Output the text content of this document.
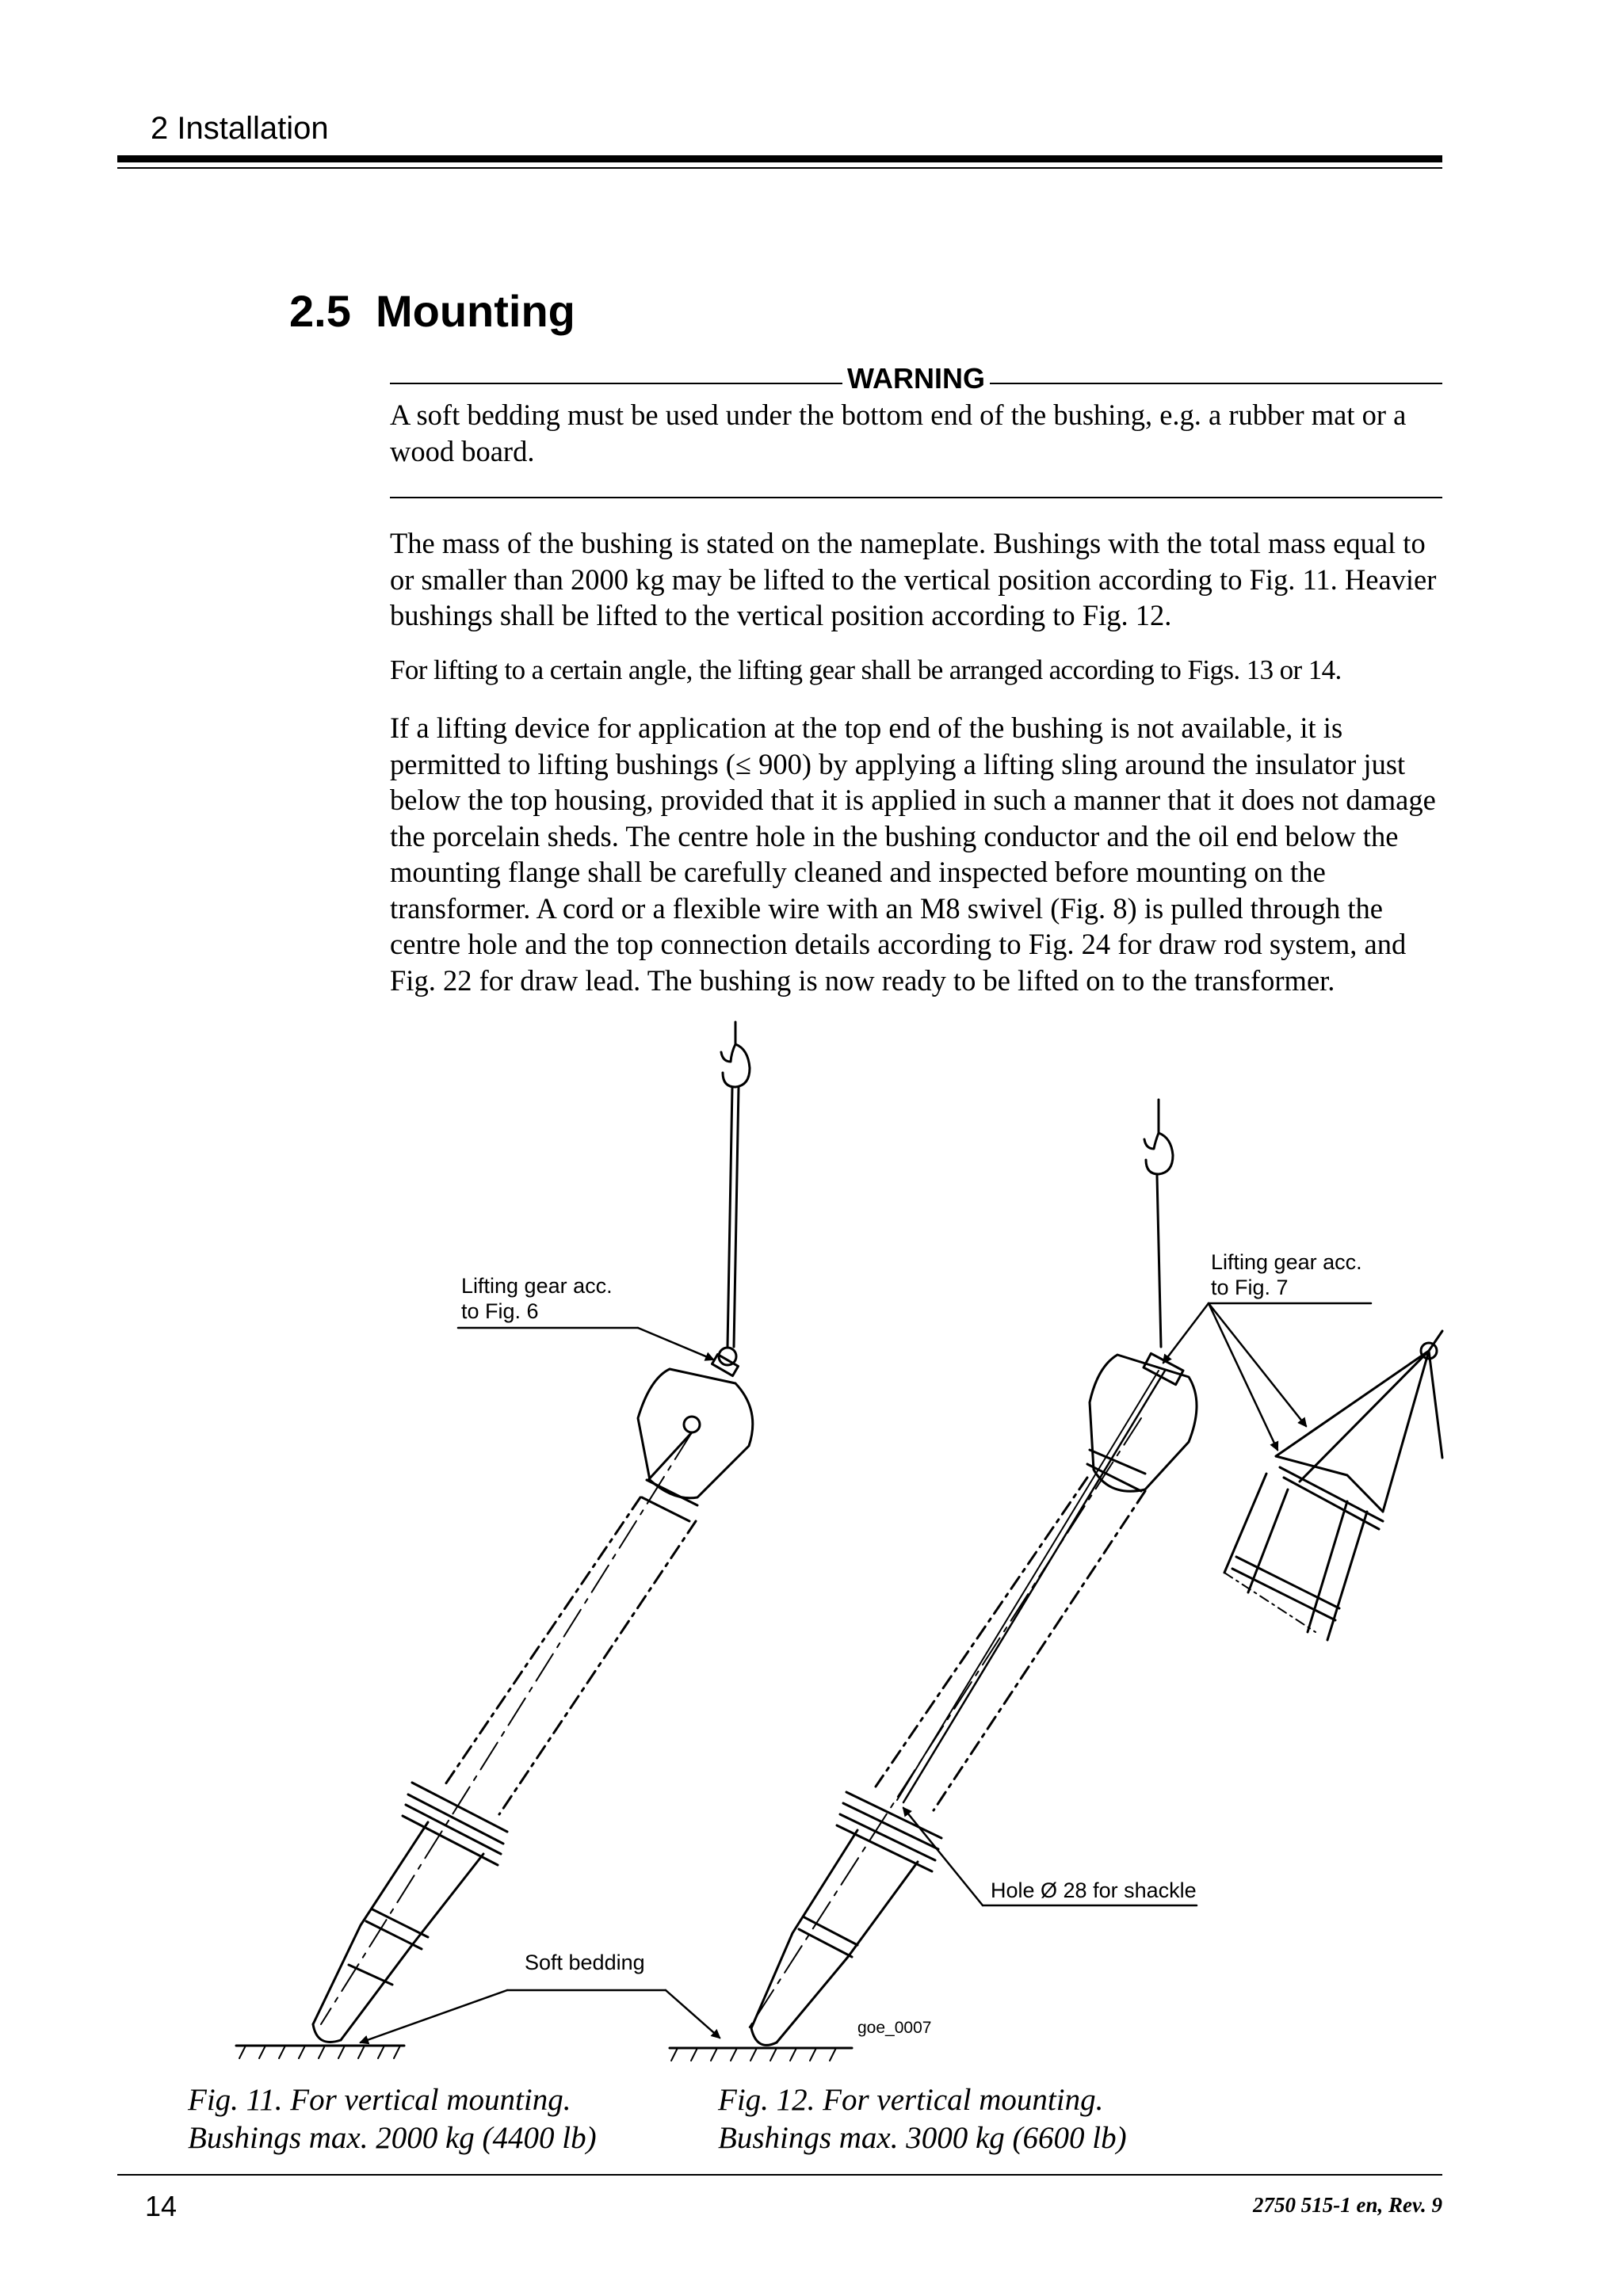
2 Installation
2.5  Mounting
WARNING
A soft bedding must be used under the bottom end of the bushing, e.g. a rubber mat or a wood board.
The mass of the bushing is stated on the nameplate. Bushings with the total mass equal to or smaller than 2000 kg may be lifted to the vertical position according to Fig. 11. Heavier bushings shall be lifted to the vertical position according to Fig. 12.
For lifting to a certain angle, the lifting gear shall be arranged according to Figs. 13 or 14.
If a lifting device for application at the top end of the bushing is not available, it is permitted to lifting bushings (≤ 900) by applying a lifting sling around the insulator just below the top housing, provided that it is applied in such a manner that it does not damage the porcelain sheds. The centre hole in the bushing conductor and the oil end below the mounting flange shall be carefully cleaned and inspected before mounting on the transformer. A cord or a flexible wire with an M8 swivel (Fig. 8) is pulled through the centre hole and the top connection details according to Fig. 24 for draw rod system, and Fig. 22 for draw lead. The bushing is now ready to be lifted on to the transformer.
Lifting gear acc.
to Fig. 6
Lifting gear acc.
to Fig. 7
Hole Ø 28 for shackle
Soft bedding
goe_0007
Fig. 11. For vertical mounting.
Bushings max. 2000 kg (4400 lb)
Fig. 12. For vertical mounting.
Bushings max. 3000 kg (6600 lb)
14	2750 515-1 en, Rev. 9
